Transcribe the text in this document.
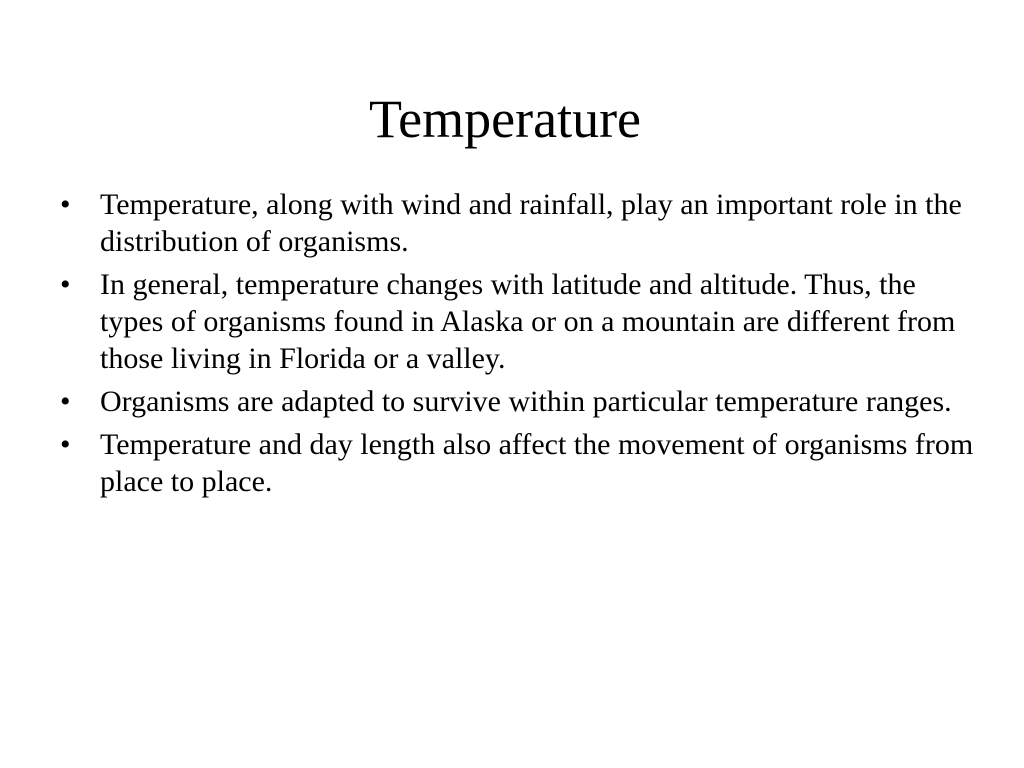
Temperature
• Temperature, along with wind and rainfall, play an important role in the distribution of organisms.
• In general, temperature changes with latitude and altitude. Thus, the types of organisms found in Alaska or on a mountain are different from those living in Florida or a valley.
• Organisms are adapted to survive within particular temperature ranges.
• Temperature and day length also affect the movement of organisms from place to place.
